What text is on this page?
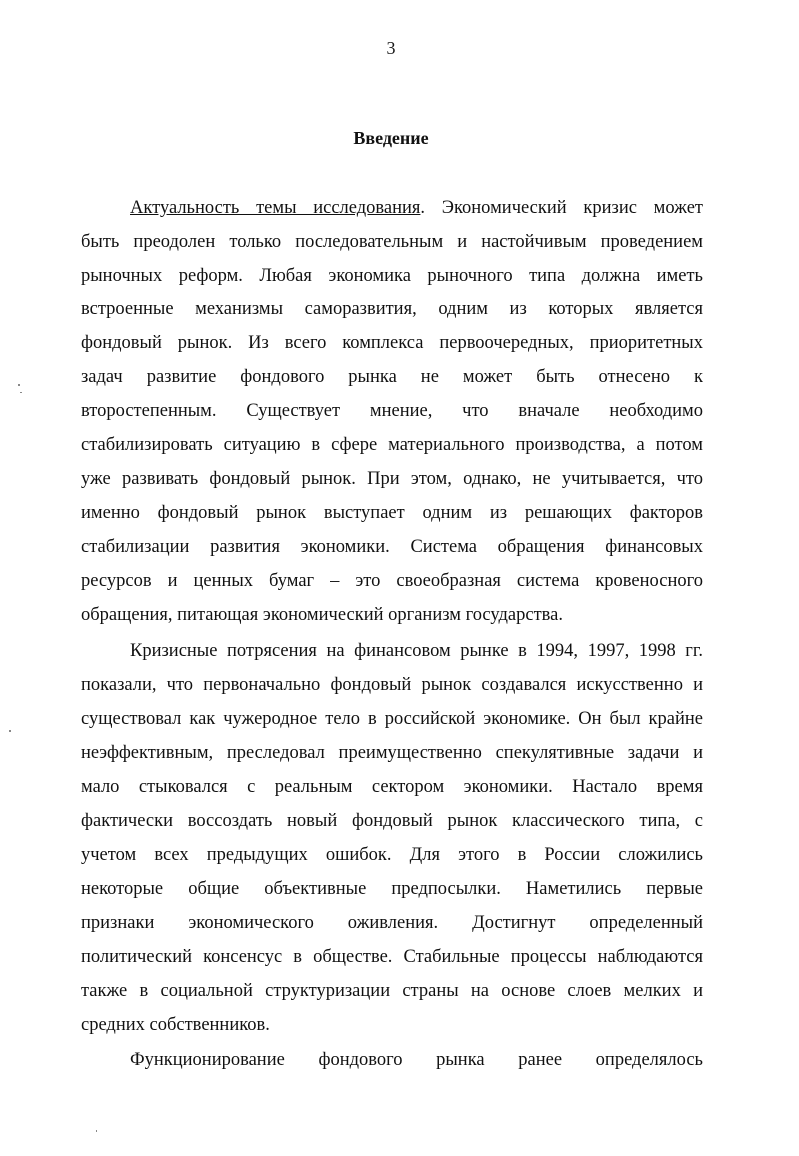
3
Введение
Актуальность темы исследования. Экономический кризис может
быть преодолен только последовательным и настойчивым проведением
рыночных реформ. Любая экономика рыночного типа должна иметь
встроенные механизмы саморазвития, одним из которых является
фондовый рынок. Из всего комплекса первоочередных, приоритетных
задач развитие фондового рынка не может быть отнесено к
второстепенным. Существует мнение, что вначале необходимо
стабилизировать ситуацию в сфере материального производства, а потом
уже развивать фондовый рынок. При этом, однако, не учитывается, что
именно фондовый рынок выступает одним из решающих факторов
стабилизации развития экономики. Система обращения финансовых
ресурсов и ценных бумаг – это своеобразная система кровеносного
обращения, питающая экономический организм государства.
Кризисные потрясения на финансовом рынке в 1994, 1997, 1998 гг.
показали, что первоначально фондовый рынок создавался искусственно и
существовал как чужеродное тело в российской экономике. Он был крайне
неэффективным, преследовал преимущественно спекулятивные задачи и
мало стыковался с реальным сектором экономики. Настало время
фактически воссоздать новый фондовый рынок классического типа, с
учетом всех предыдущих ошибок. Для этого в России сложились
некоторые общие объективные предпосылки. Наметились первые
признаки экономического оживления. Достигнут определенный
политический консенсус в обществе. Стабильные процессы наблюдаются
также в социальной структуризации страны на основе слоев мелких и
средних собственников.
Функционирование фондового рынка ранее определялось
